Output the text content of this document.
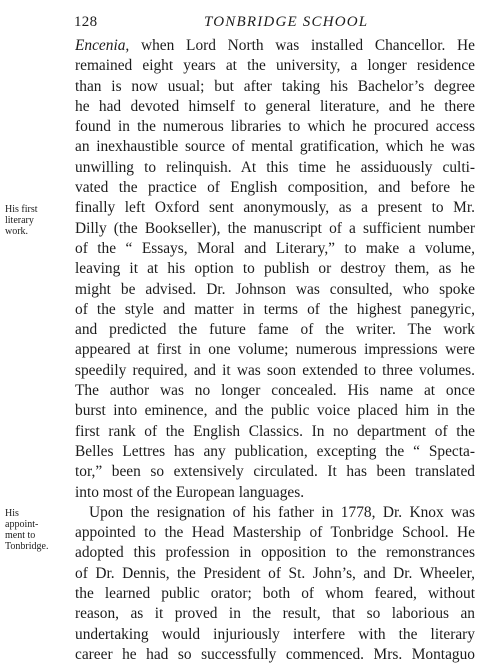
128	TONBRIDGE SCHOOL
His first
literary
work.
His
appoint-
ment to
Tonbridge.
Encenia, when Lord North was installed Chancellor. He
remained eight years at the university, a longer residence
than is now usual; but after taking his Bachelor’s degree
he had devoted himself to general literature, and he there
found in the numerous libraries to which he procured access
an inexhaustible source of mental gratification, which he was
unwilling to relinquish. At this time he assiduously culti-
vated the practice of English composition, and before he
finally left Oxford sent anonymously, as a present to Mr.
Dilly (the Bookseller), the manuscript of a sufficient number
of the “ Essays, Moral and Literary,” to make a volume,
leaving it at his option to publish or destroy them, as he
might be advised. Dr. Johnson was consulted, who spoke
of the style and matter in terms of the highest panegyric,
and predicted the future fame of the writer. The work
appeared at first in one volume; numerous impressions were
speedily required, and it was soon extended to three volumes.
The author was no longer concealed. His name at once
burst into eminence, and the public voice placed him in the
first rank of the English Classics. In no department of the
Belles Lettres has any publication, excepting the “ Specta-
tor,” been so extensively circulated. It has been translated
into most of the European languages.
Upon the resignation of his father in 1778, Dr. Knox was
appointed to the Head Mastership of Tonbridge School. He
adopted this profession in opposition to the remonstrances
of Dr. Dennis, the President of St. John’s, and Dr. Wheeler,
the learned public orator; both of whom feared, without
reason, as it proved in the result, that so laborious an
undertaking would injuriously interfere with the literary
career he had so successfully commenced. Mrs. Montaguo
